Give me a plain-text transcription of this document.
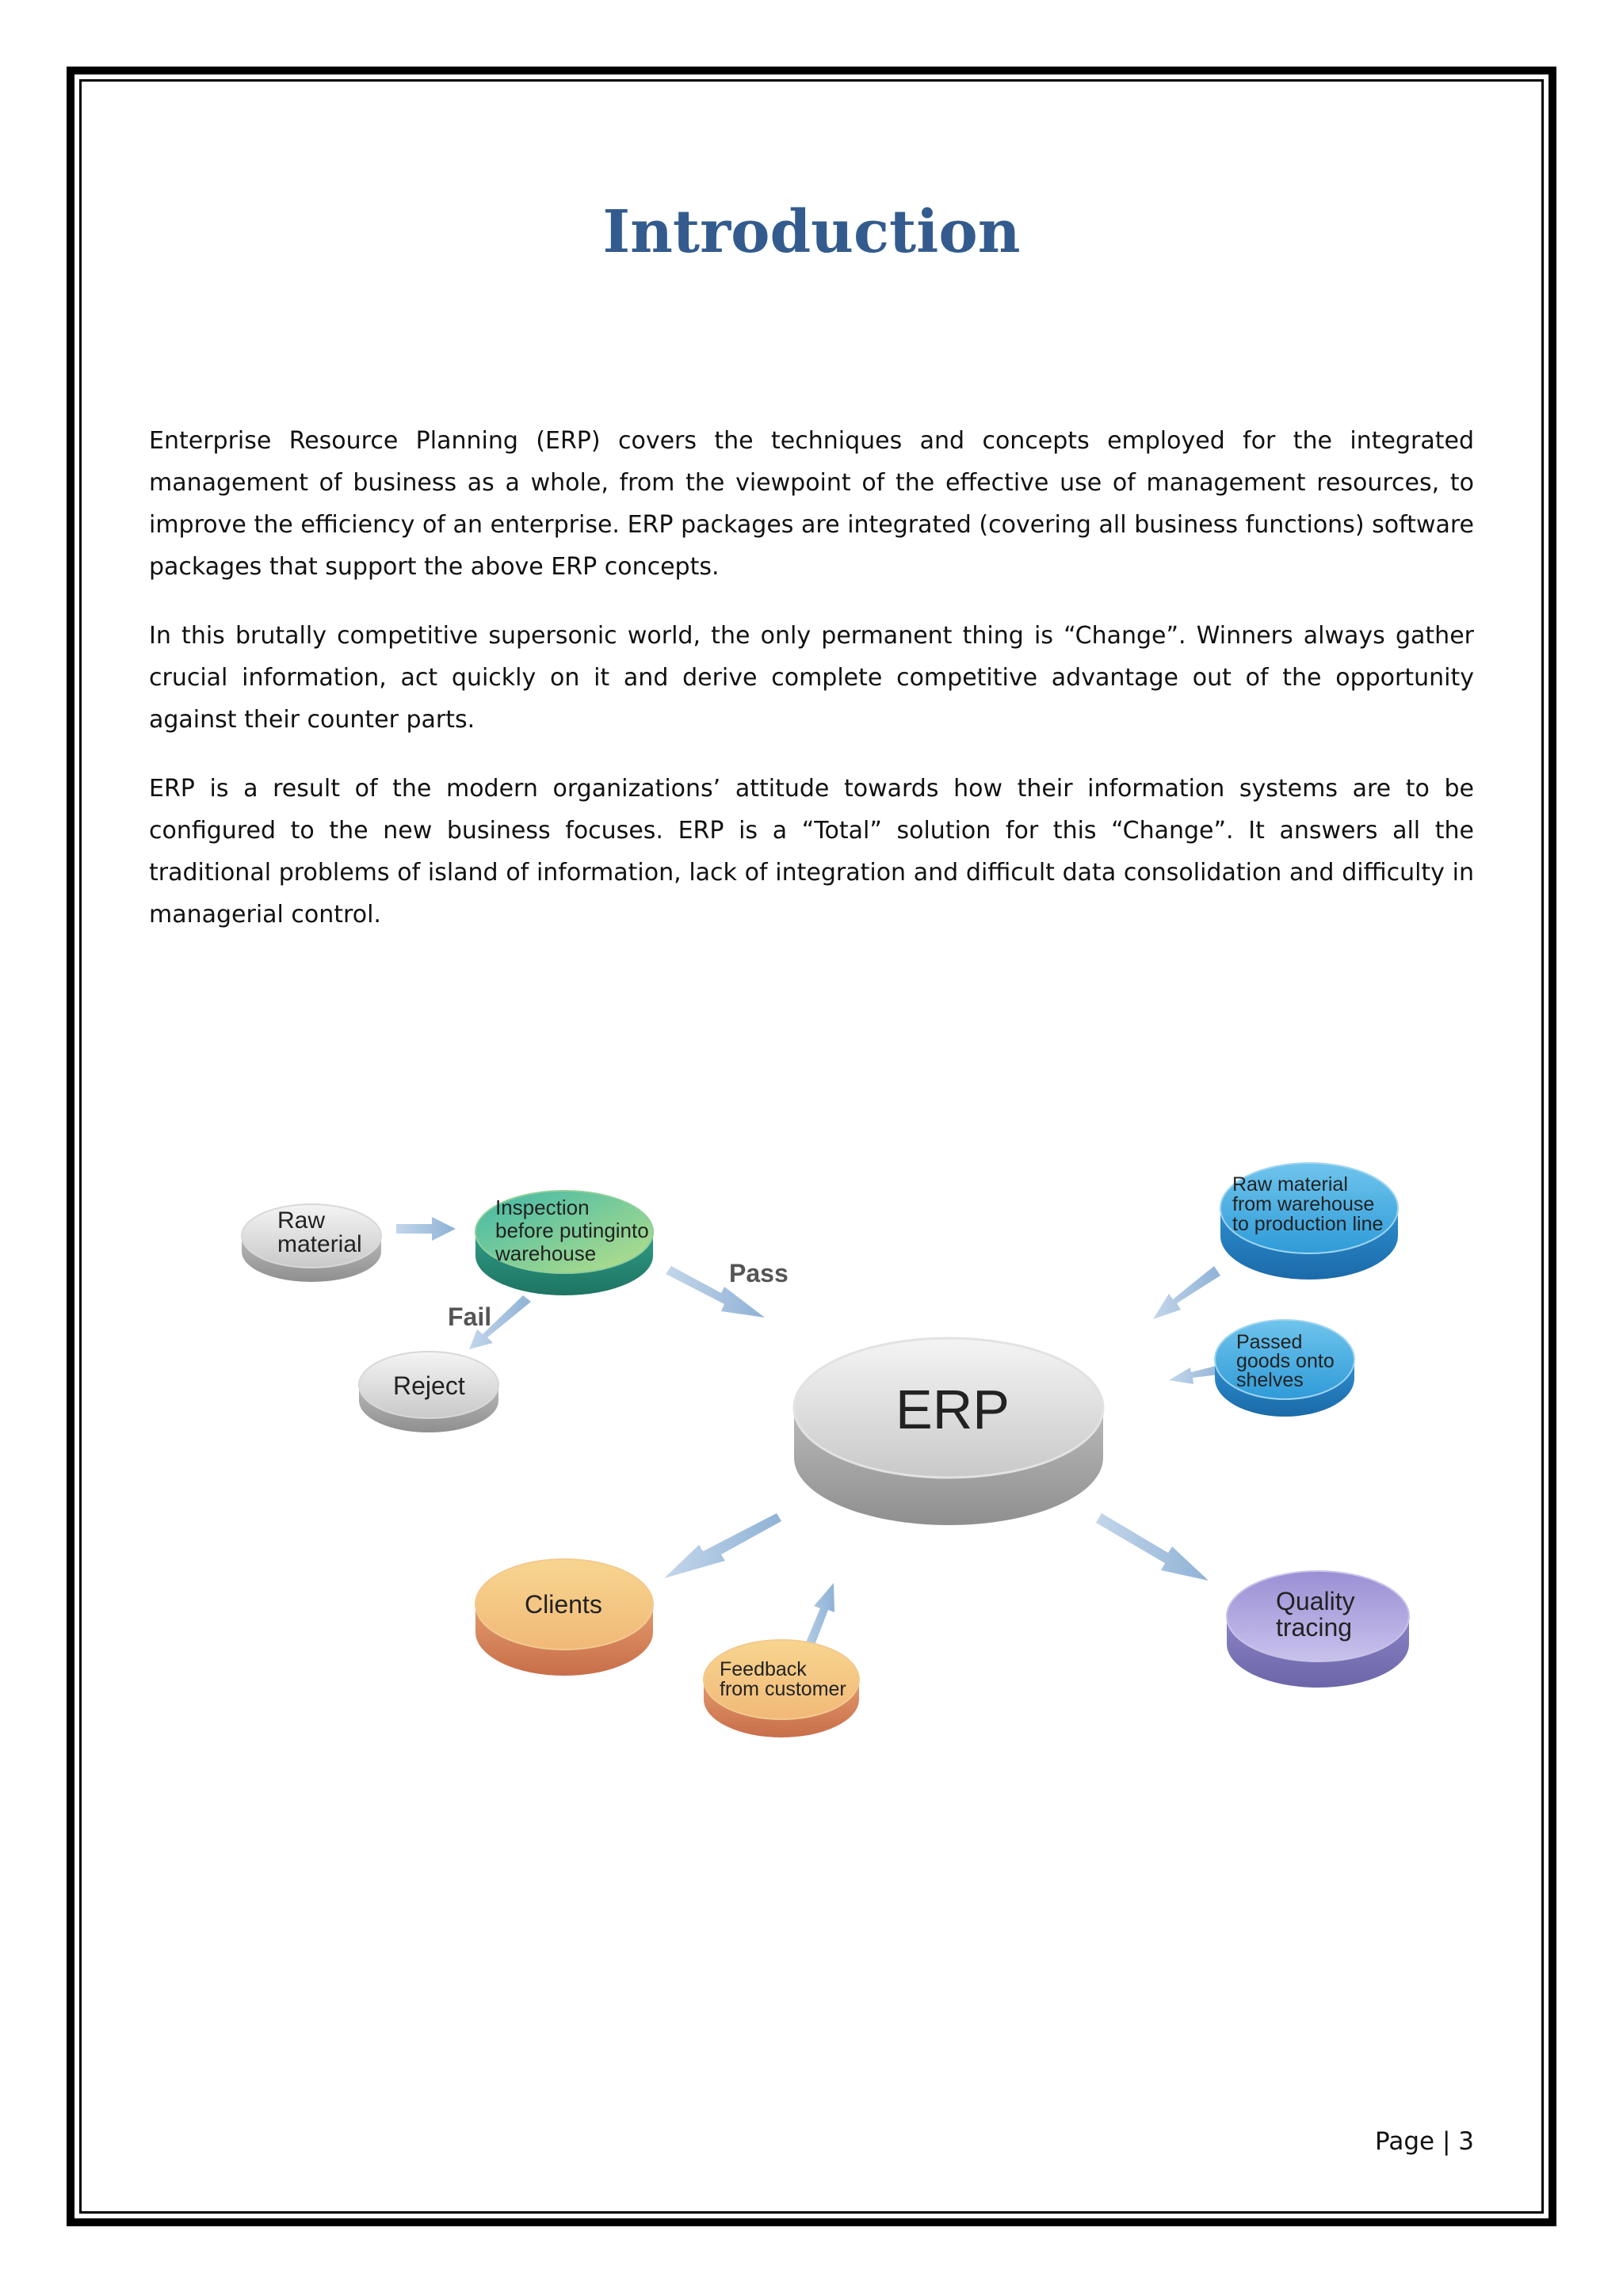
Introduction

Enterprise Resource Planning (ERP) covers the techniques and concepts employed for the integrated management of business as a whole, from the viewpoint of the effective use of management resources, to improve the efficiency of an enterprise. ERP packages are integrated (covering all business functions) software packages that support the above ERP concepts.

In this brutally competitive supersonic world, the only permanent thing is “Change”. Winners always gather crucial information, act quickly on it and derive complete competitive advantage out of the opportunity against their counter parts.

ERP is a result of the modern organizations’ attitude towards how their information systems are to be configured to the new business focuses. ERP is a “Total” solution for this “Change”. It answers all the traditional problems of island of information, lack of integration and difficult data consolidation and difficulty in managerial control.

Pass
Fail
Raw
material
Inspection
before putinginto
warehouse
Reject	ERP
Raw material
from warehouse
to production line
Passed
goods onto
shelves
Clients
Feedback
from customer
Quality
tracing
Page | 3
